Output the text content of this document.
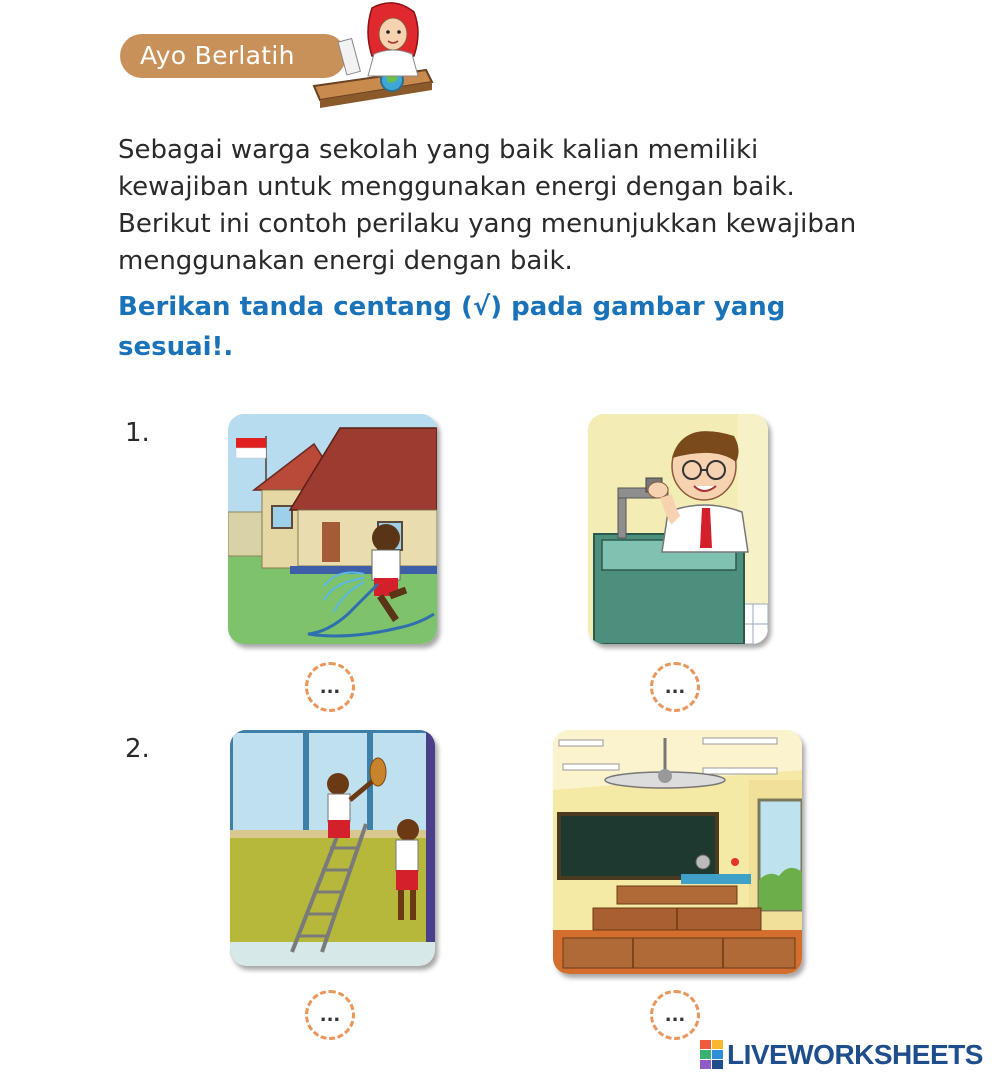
Ayo Berlatih

Sebagai warga sekolah yang baik kalian memiliki kewajiban untuk menggunakan energi dengan baik. Berikut ini contoh perilaku yang menunjukkan kewajiban menggunakan energi dengan baik.

Berikan tanda centang (√) pada gambar yang sesuai!.

1.
...	...
2.
...	...
LIVEWORKSHEETS
